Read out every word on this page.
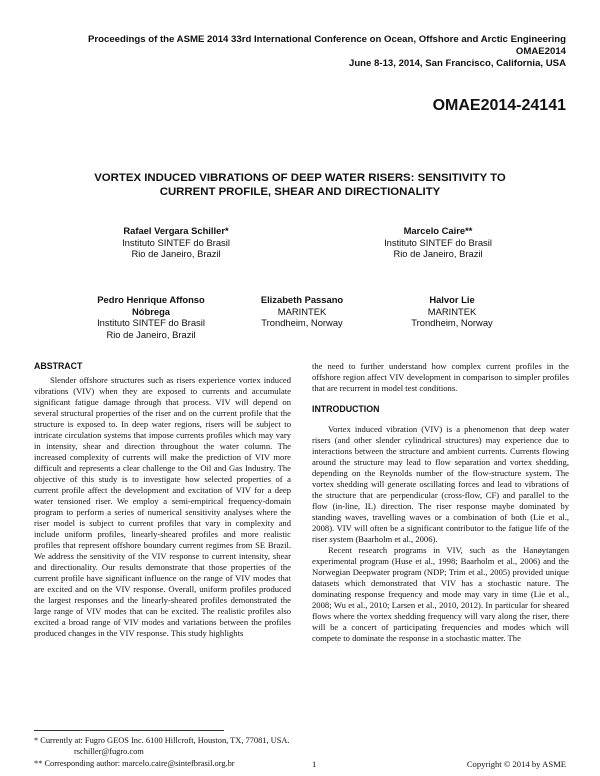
Proceedings of the ASME 2014 33rd International Conference on Ocean, Offshore and Arctic Engineering
OMAE2014
June 8-13, 2014, San Francisco, California, USA
OMAE2014-24141
VORTEX INDUCED VIBRATIONS OF DEEP WATER RISERS: SENSITIVITY TO
CURRENT PROFILE, SHEAR AND DIRECTIONALITY
Rafael Vergara Schiller*
Instituto SINTEF do Brasil
Rio de Janeiro, Brazil
Marcelo Caire**
Instituto SINTEF do Brasil
Rio de Janeiro, Brazil
Pedro Henrique Affonso
Nóbrega
Instituto SINTEF do Brasil
Rio de Janeiro, Brazil
Elizabeth Passano
MARINTEK
Trondheim, Norway
Halvor Lie
MARINTEK
Trondheim, Norway
ABSTRACT

Slender offshore structures such as risers experience vortex induced vibrations (VIV) when they are exposed to currents and accumulate significant fatigue damage through that process. VIV will depend on several structural properties of the riser and on the current profile that the structure is exposed to. In deep water regions, risers will be subject to intricate circulation systems that impose currents profiles which may vary in intensity, shear and direction throughout the water column. The increased complexity of currents will make the prediction of VIV more difficult and represents a clear challenge to the Oil and Gas Industry. The objective of this study is to investigate how selected properties of a current profile affect the development and excitation of VIV for a deep water tensioned riser. We employ a semi-empirical frequency-domain program to perform a series of numerical sensitivity analyses where the riser model is subject to current profiles that vary in complexity and include uniform profiles, linearly-sheared profiles and more realistic profiles that represent offshore boundary current regimes from SE Brazil. We address the sensitivity of the VIV response to current intensity, shear and directionality. Our results demonstrate that those properties of the current profile have significant influence on the range of VIV modes that are excited and on the VIV response. Overall, uniform profiles produced the largest responses and the linearly-sheared profiles demonstrated the large range of VIV modes that can be excited. The realistic profiles also excited a broad range of VIV modes and variations between the profiles produced changes in the VIV response. This study highlights

the need to further understand how complex current profiles in the offshore region affect VIV development in comparison to simpler profiles that are recurrent in model test conditions.

INTRODUCTION

Vortex induced vibration (VIV) is a phenomenon that deep water risers (and other slender cylindrical structures) may experience due to interactions between the structure and ambient currents. Currents flowing around the structure may lead to flow separation and vortex shedding, depending on the Reynolds number of the flow-structure system. The vortex shedding will generate oscillating forces and lead to vibrations of the structure that are perpendicular (cross-flow, CF) and parallel to the flow (in-line, IL) direction. The riser response maybe dominated by standing waves, travelling waves or a combination of both (Lie et al., 2008). VIV will often be a significant contributor to the fatigue life of the riser system (Baarholm et al., 2006).

Recent research programs in VIV, such as the Hanøytangen experimental program (Huse et al., 1998; Baarholm et al., 2006) and the Norwegian Deepwater program (NDP; Trim et al., 2005) provided unique datasets which demonstrated that VIV has a stochastic nature. The dominating response frequency and mode may vary in time (Lie et al., 2008; Wu et al., 2010; Larsen et al., 2010, 2012). In particular for sheared flows where the vortex shedding frequency will vary along the riser, there will be a concert of participating frequencies and modes which will compete to dominate the response in a stochastic matter. The

* Currently at: Fugro GEOS Inc. 6100 Hillcroft, Houston, TX, 77081, USA.
rschiller@fugro.com
** Corresponding author: marcelo.caire@sintefbrasil.org.br	1	Copyright © 2014 by ASME
